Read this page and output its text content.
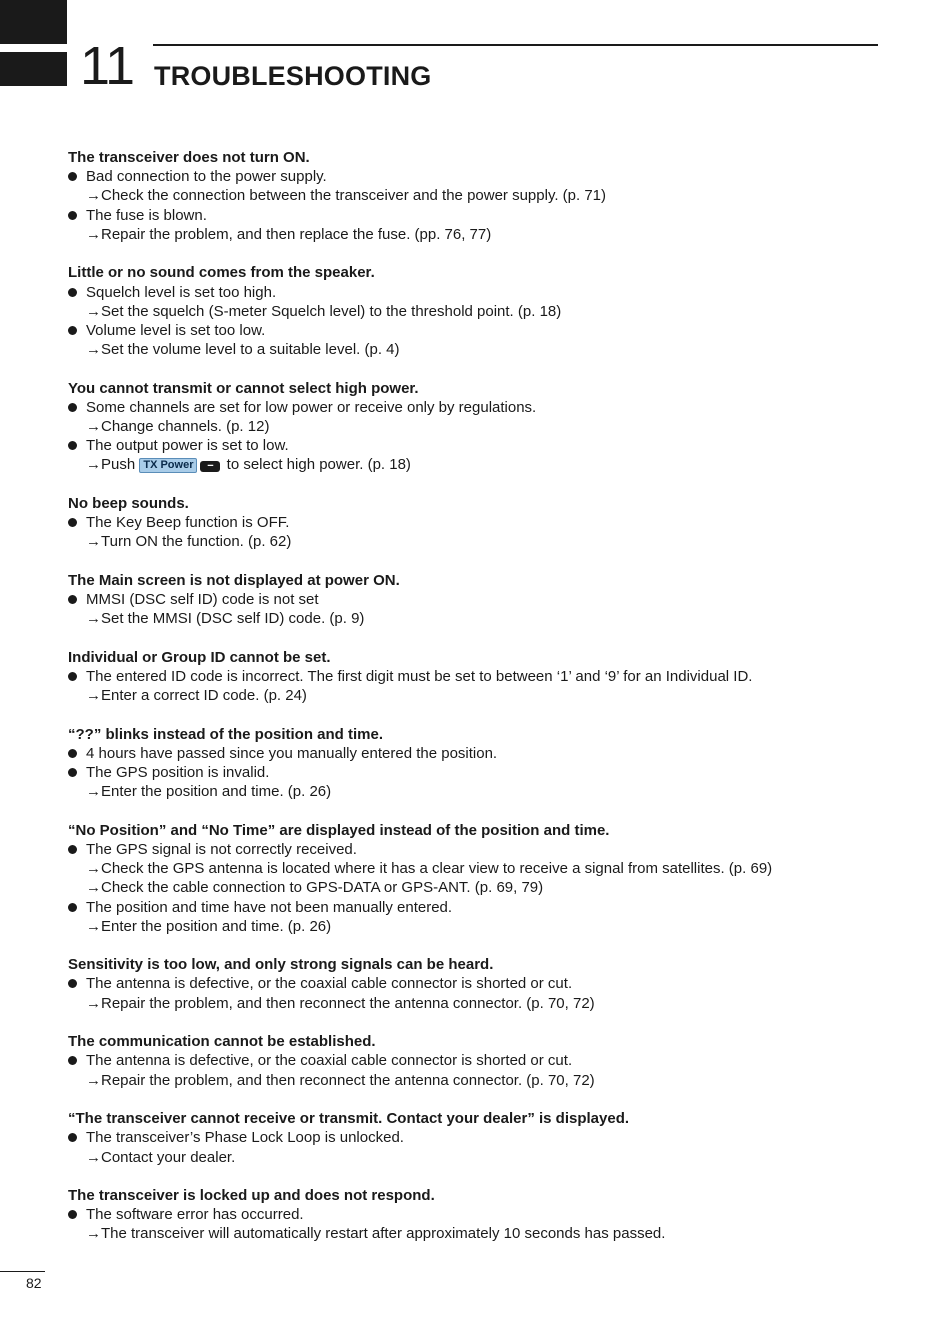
11 TROUBLESHOOTING
The transceiver does not turn ON.
Bad connection to the power supply.
→Check the connection between the transceiver and the power supply. (p. 71)
The fuse is blown.
→Repair the problem, and then replace the fuse. (pp. 76, 77)
Little or no sound comes from the speaker.
Squelch level is set too high.
→Set the squelch (S-meter Squelch level) to the threshold point. (p. 18)
Volume level is set too low.
→Set the volume level to a suitable level. (p. 4)
You cannot transmit or cannot select high power.
Some channels are set for low power or receive only by regulations.
→Change channels. (p. 12)
The output power is set to low.
→Push TX Power − to select high power. (p. 18)
No beep sounds.
The Key Beep function is OFF.
→Turn ON the function. (p. 62)
The Main screen is not displayed at power ON.
MMSI (DSC self ID) code is not set
→Set the MMSI (DSC self ID) code. (p. 9)
Individual or Group ID cannot be set.
The entered ID code is incorrect. The first digit must be set to between ‘1’ and ‘9’ for an Individual ID.
→Enter a correct ID code. (p. 24)
“??” blinks instead of the position and time.
4 hours have passed since you manually entered the position.
The GPS position is invalid.
→Enter the position and time. (p. 26)
“No Position” and “No Time” are displayed instead of the position and time.
The GPS signal is not correctly received.
→Check the GPS antenna is located where it has a clear view to receive a signal from satellites. (p. 69)
→Check the cable connection to GPS-DATA or GPS-ANT. (p. 69, 79)
The position and time have not been manually entered.
→Enter the position and time. (p. 26)
Sensitivity is too low, and only strong signals can be heard.
The antenna is defective, or the coaxial cable connector is shorted or cut.
→Repair the problem, and then reconnect the antenna connector. (p. 70, 72)
The communication cannot be established.
The antenna is defective, or the coaxial cable connector is shorted or cut.
→Repair the problem, and then reconnect the antenna connector. (p. 70, 72)
“The transceiver cannot receive or transmit. Contact your dealer” is displayed.
The transceiver’s Phase Lock Loop is unlocked.
→Contact your dealer.
The transceiver is locked up and does not respond.
The software error has occurred.
→The transceiver will automatically restart after approximately 10 seconds has passed.
82
